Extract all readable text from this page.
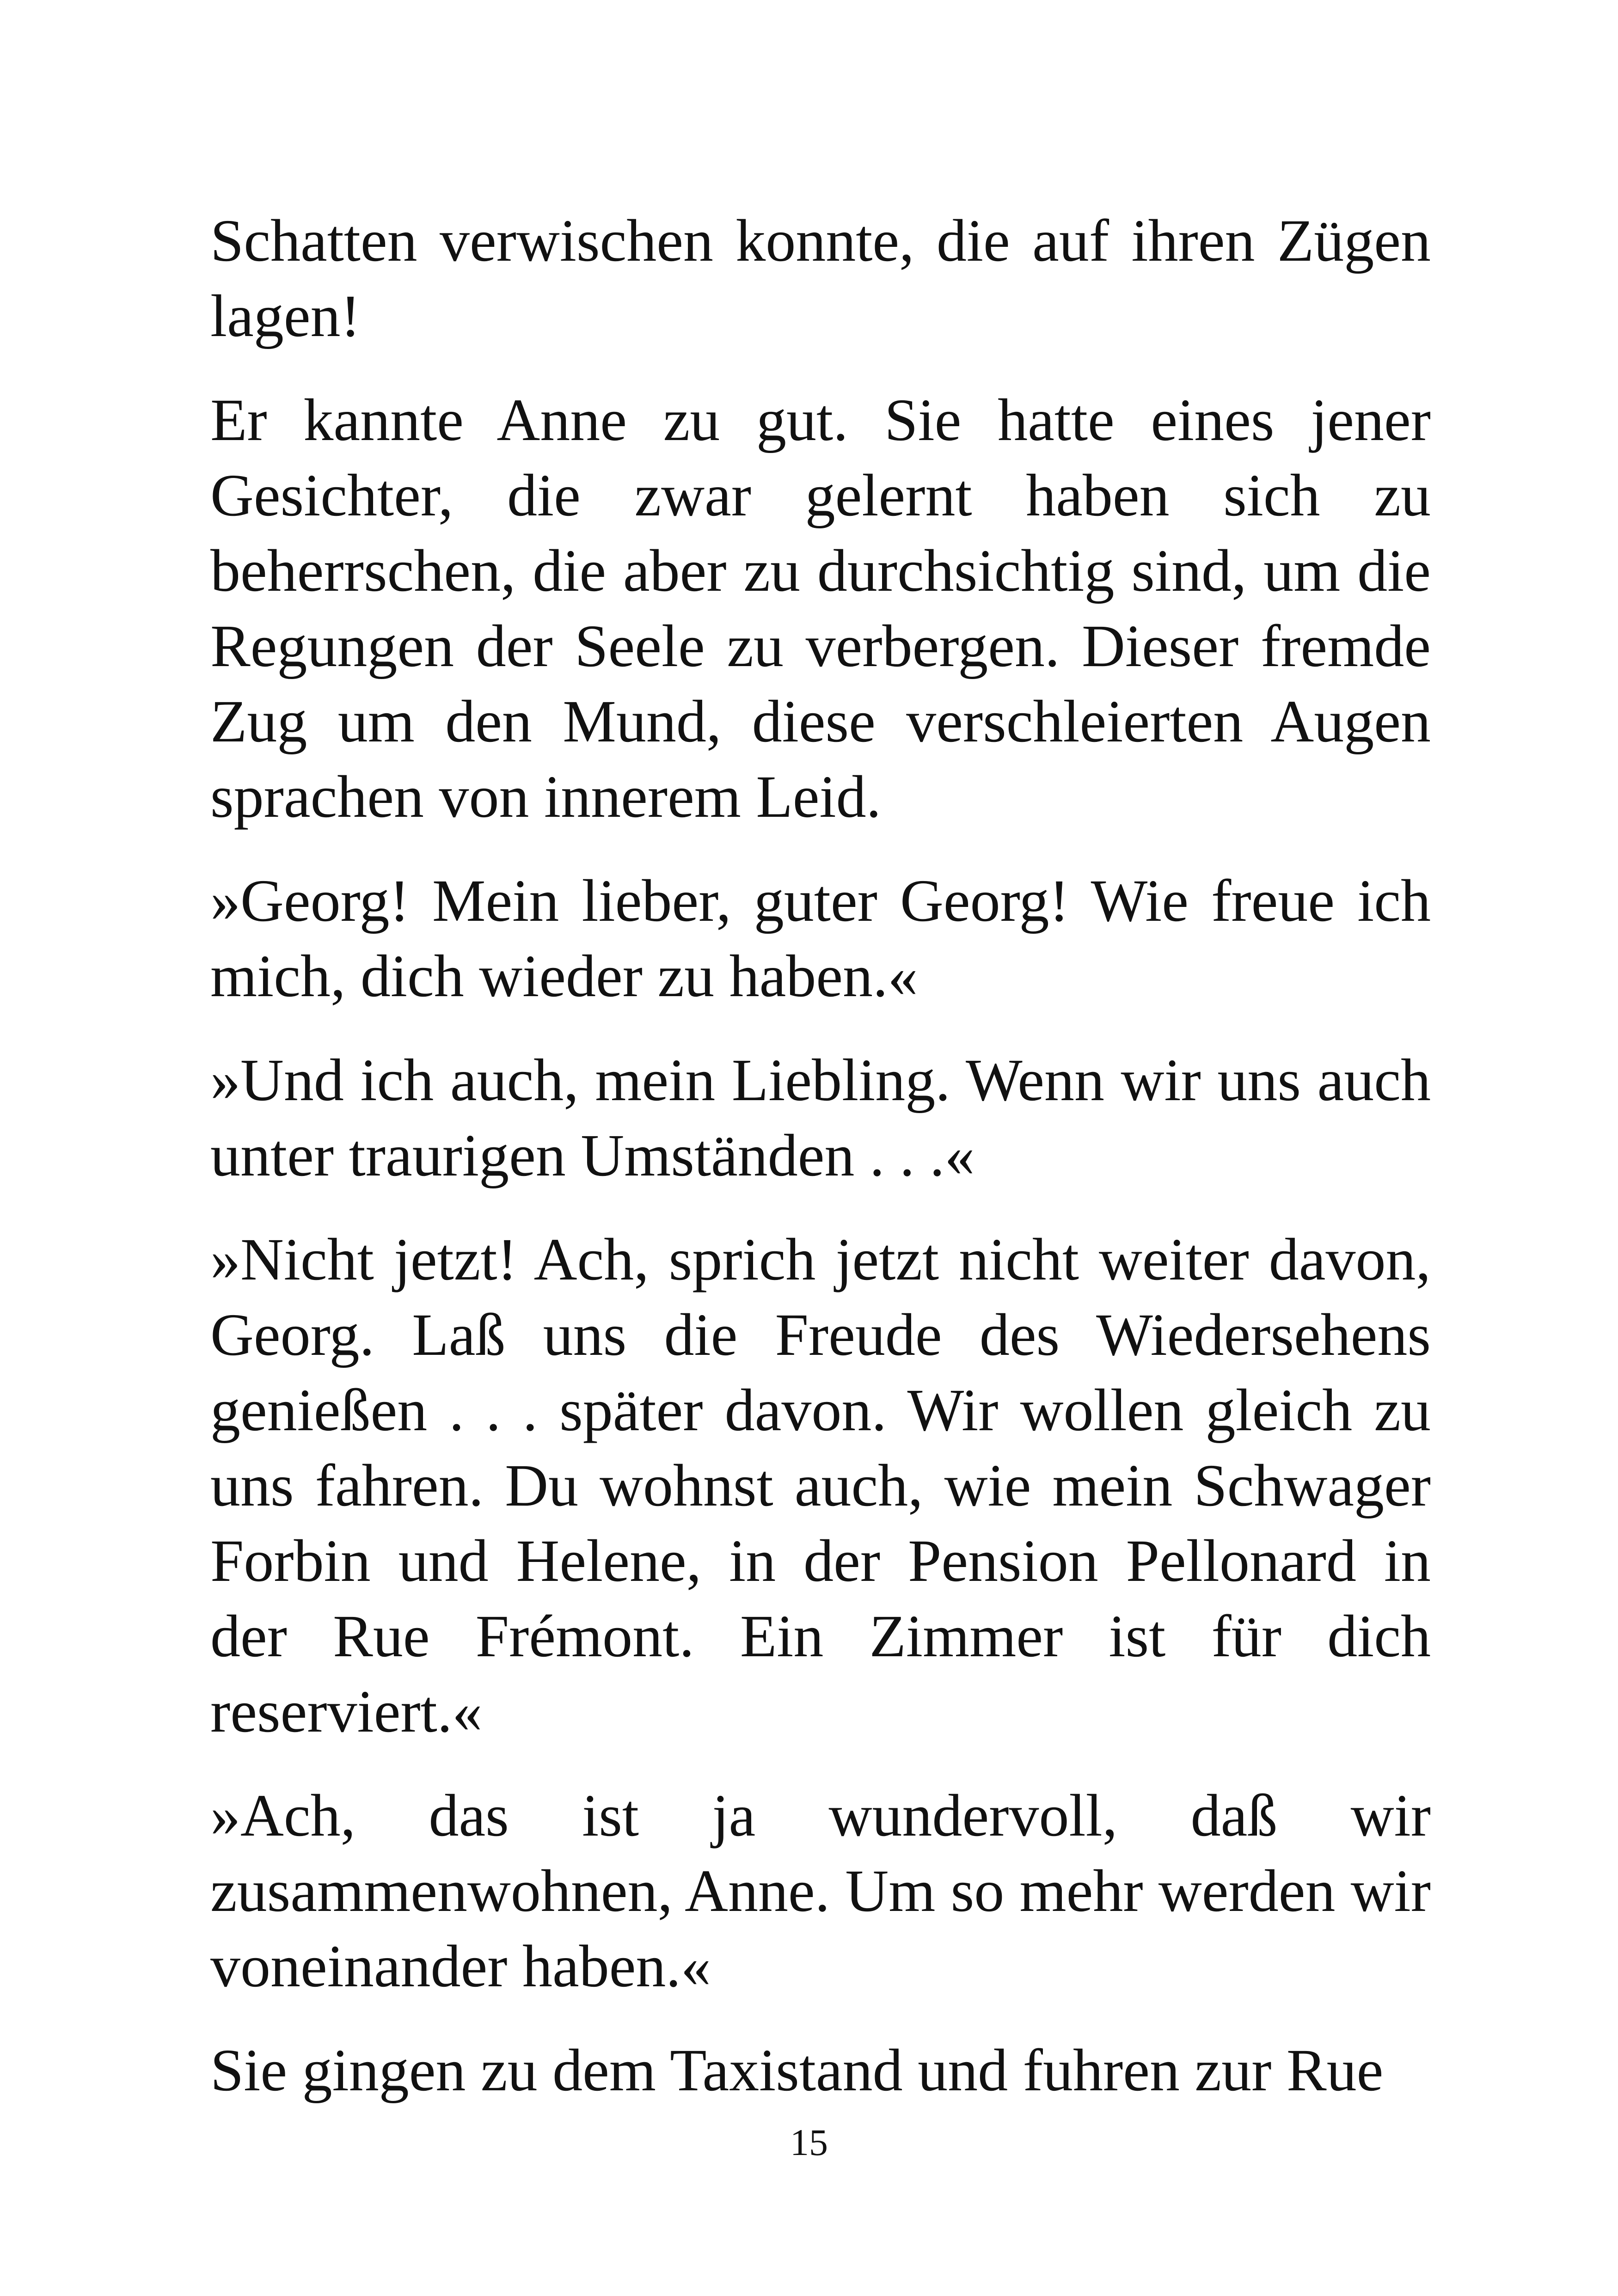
Schatten verwischen konnte, die auf ihren Zügen lagen!

Er kannte Anne zu gut. Sie hatte eines jener Gesichter, die zwar gelernt haben sich zu beherrschen, die aber zu durchsichtig sind, um die Regungen der Seele zu verbergen. Dieser fremde Zug um den Mund, diese verschleierten Augen sprachen von innerem Leid.

»Georg! Mein lieber, guter Georg! Wie freue ich mich, dich wieder zu haben.«

»Und ich auch, mein Liebling. Wenn wir uns auch unter traurigen Umständen . . .«

»Nicht jetzt! Ach, sprich jetzt nicht weiter davon, Georg. Laß uns die Freude des Wiedersehens genießen . . . später davon. Wir wollen gleich zu uns fahren. Du wohnst auch, wie mein Schwager Forbin und Helene, in der Pension Pellonard in der Rue Frémont. Ein Zimmer ist für dich reserviert.«

»Ach, das ist ja wundervoll, daß wir zusammenwohnen, Anne. Um so mehr werden wir voneinander haben.«

Sie gingen zu dem Taxistand und fuhren zur Rue

15
